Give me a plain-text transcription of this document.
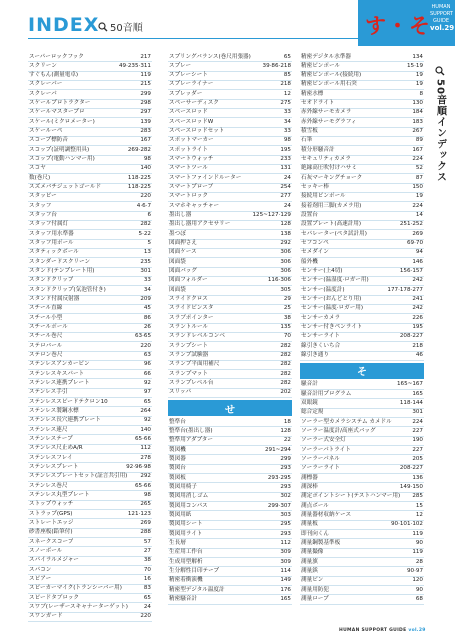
INDEX 50音順	す・そ
HUMAN SUPPORT GUIDE
vol.29
スーパーロックフック	217
スクリーン	49·235·311
すぐもん(測量電卓)	119
スクレーパー	215
スクレーパ	299
スケールプロトラクター	298
スケールマスタープロ	297
スケール(ミクロメーター)	139
スケールーペ	283
スコープ標防音	167
スコップ(証明調整用具)	269·282
スコップ(電動ハンマー用)	98
スコヤ	140
数(巻尺)	118·225
スズメバチジェットゴールド	118·225
スタッピー	220
スタッフ	4·6·7
スタッフ台	6
スタッフ付属灯	282
スタッフ用水準器	5·22
スタッフ用ポール	5
スタティックボール	13
スタンダードスクリーン	235
スタンド(テンプレート用)	301
スタンドクリップ	33
スタンドクリップ(気泡管付き)	34
スタンド付属反射器	209
スチール直線	45
スチール小型	86
スチールポール	26
スチール巻尺	63·65
ステロバール	220
ステロン巻尺	63
ステンレスアンカーピン	96
ステンレスキスパート	66
ステンレス連携プレート	92
ステンレス手引	97
ステンレススピードテクロン10	65
ステンレス製鋼水標	264
ステンレス長穴連携プレート	92
ステンレス連尺	140
ステンレステープ	65·66
ステンレス尺止めA/R	112
ステンレスフレイ	278
ステンレスプレート	92·96·98
ステンレスプレートセット(証言共引用) 292
ステンレス巻尺	65·66
ステンレス丸型プレート	98
ストップウォッチ	265
ストラップ(GPS)	121·123
ストレートエッジ	269
砂書座板(鉛筆付)	288
スネークスコープ	57
スノーボール	27
スパイラルメジャー	38
スパコン	70
スピアー	16
スピーカーマイク(トランシーバー用)	83
スピードタブロック	65
スワブ(レーザースキャナーターゲット)	24
スワンガード	220
スプリングバランス(巻尺用張器)	65
スプレー	39·86·218
スプレーシート	85
スプレーライナー	218
スプレッダー	12
スペーサーディスク	275
スペースロッド	33
スペースロッドW	34
スペースロッドセット	33
スポットマーカー	98
スポットライト	195
スマートウォッチ	233
スマートツール	131
スマートファインドルーター	24
スマートプローブ	254
スマートロック	277
スマホキャッチャー	24
墨出し器	125~127·129
墨出し器用アクセサリー	128
墨つぼ	138
図面押さえ	292
図面ケース	306
図面袋	306
図面バッグ	306
図面フォルダー	116·306
図面袋	305
スライドクロス	29
スライドピンスタ	25
スラブポインター	38
スラントルール	135
スランドレベルコンベ	70
スランプシート	282
スランプ試験器	282
スランプ平面用補尺	282
スランプマット	282
スランプレベル台	282
スリッパ	202
せ
整準台	18
整準台(墨出し器)	128
整準用アダプター	22
製図機	291~294
製図器	299
製図台	293
製図板	293·295
製図用椅子	293
製図用消しゴム	302
製図用コンパス	299·307
製図用紙	303
製図用シート	295
製図用ライト	293
生長層	112
生産用工作台	309
生成用型解析	309
生分解性目印テープ	114
精密着衝演機	149
精密型デジタル温度計	176
精密騒音計	165
精密デジタル水準器	134
精密ピンポール	15·19
精密ピンポール(接続用)	19
精密ピンポール用石突	19
精密水標	8
セオドライト	130
赤外線サーモカメラ	184
赤外線サーモグラフィ	183
積雪板	267
石筆	89
積分形騒音計	167
セキュリティカメラ	224
絶縁高圧吹付けハサミ	52
石灰マーキングチョーク	87
セッキー棒	150
接続用ピンポール	19
接着剤用三脚(カメラ用)	224
設置台	14
設置プレート(高速計用)	251·252
セパレーター(ペタ試計用)	269
セフコンペ	69·70
セメダイン	94
船外機	146
センサー(上4切)	156·157
センサー(温湿度·ロガー用)	242
センサー(温度計)	177·178·277
センサー(おんどとり用)	241
センサー(温度·ロガー用)	242
センサーカメラ	226
センサー付きペンライト	195
センサーライト	208·227
線引きくいち合	218
線引き通り	46
そ
騒音計	165~167
騒音計用プログラム	165
双眼鏡	118·144
総合定規	301
ソーラー型カメラシステム カメドル	224
ソーラー温度計/高座式バッグ	227
ソーラー式安全灯	190
ソーラーパトライト	227
ソーラーパネル	205
ソーラーライト	208·227
測標器	136
測深棒	149·150
測定ポイントシート(テストハンマー用) 285
測点ボール	15
測量器材収納ケース	12
測量板	90·101·102
即刊向くん	119
測量鋼製基準板	90
測量撮像	119
測量旗	28
測量鋲	90·97
測量ピン	120
測量用防犯	90
測量ロープ	68
50音順インデックス
HUMAN SUPPORT GUIDE vol.29
